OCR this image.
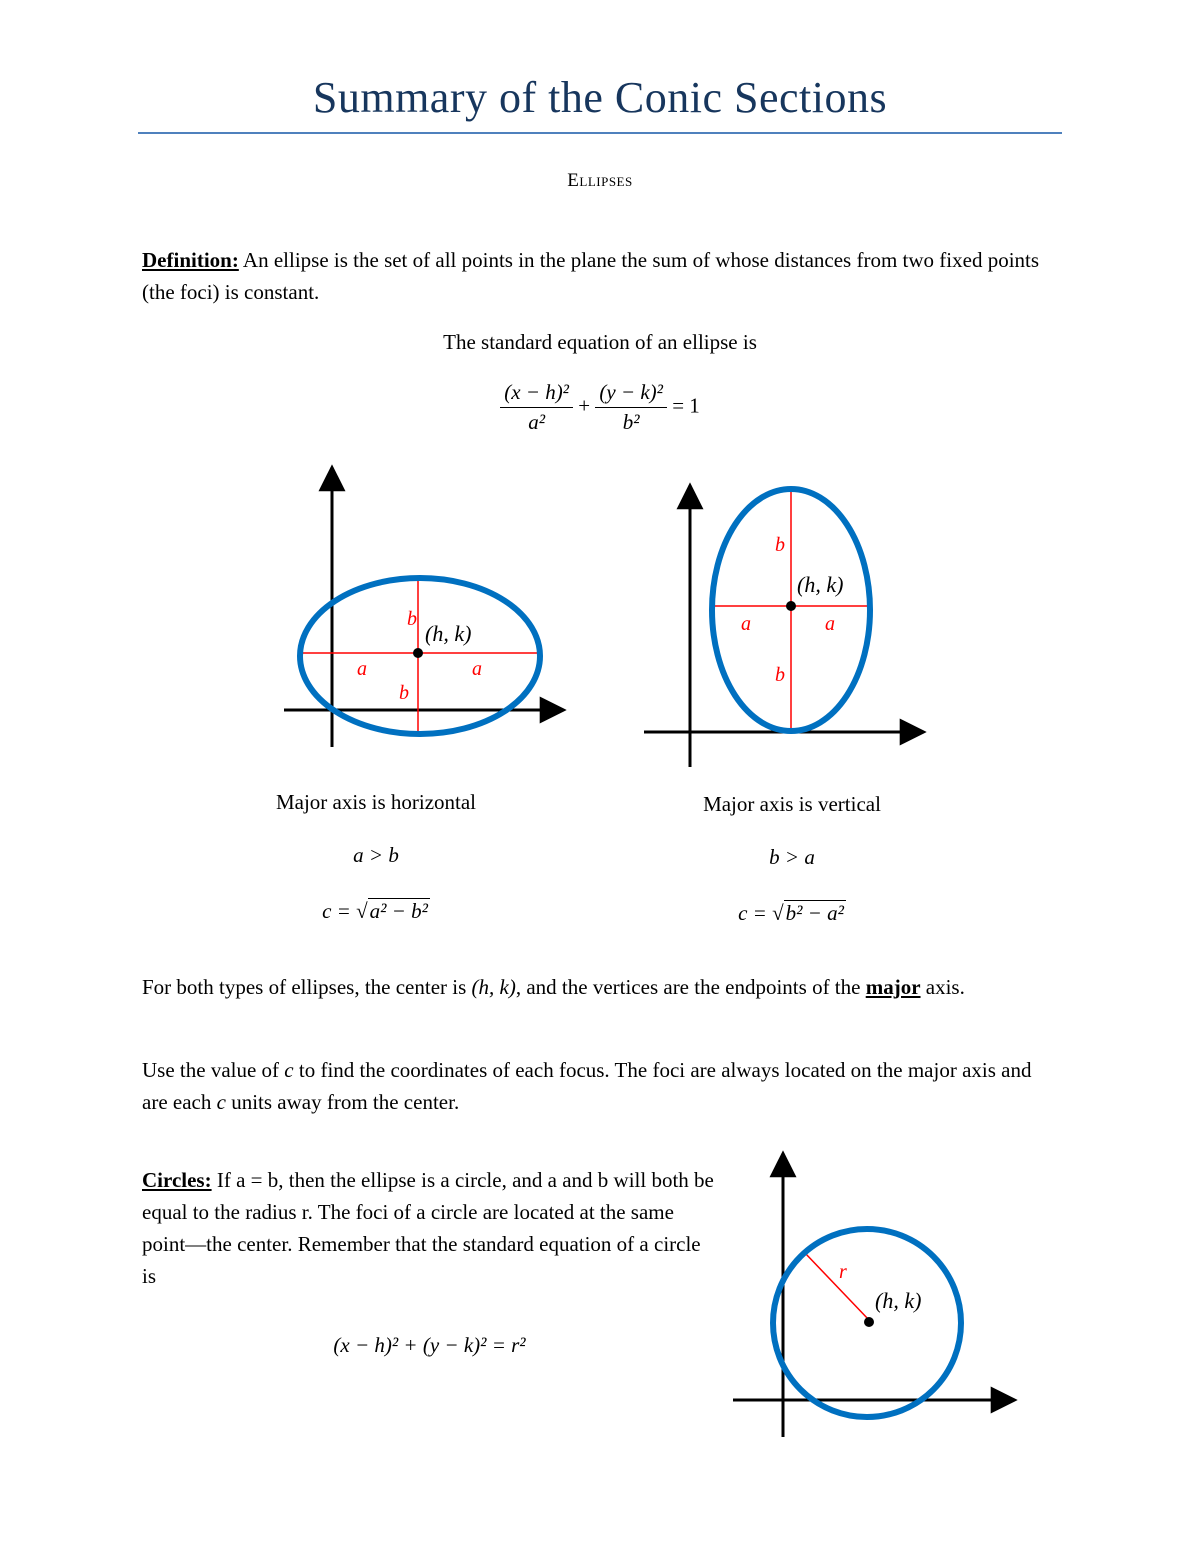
Summary of the Conic Sections
Ellipses
Definition: An ellipse is the set of all points in the plane the sum of whose distances from two fixed points (the foci) is constant.
The standard equation of an ellipse is
$\frac{\text{(x − h)²}}{\text{a²}} + \frac{\text{(y − k)²}}{\text{b²}} = 1$
b
b
a	a
(h, k)
b
b
a	a
(h, k)
Major axis is horizontal
a > b
c = √a² − b²
Major axis is vertical
b > a
c = √b² − a²
For both types of ellipses, the center is (h, k), and the vertices are the endpoints of the major axis.
Use the value of c to find the coordinates of each focus. The foci are always located on the major axis and are each c units away from the center.
Circles: If a = b, then the ellipse is a circle, and a and b will both be equal to the radius r. The foci of a circle are located at the same point—the center. Remember that the standard equation of a circle is
(x − h)² + (y − k)² = r²
r
(h, k)
